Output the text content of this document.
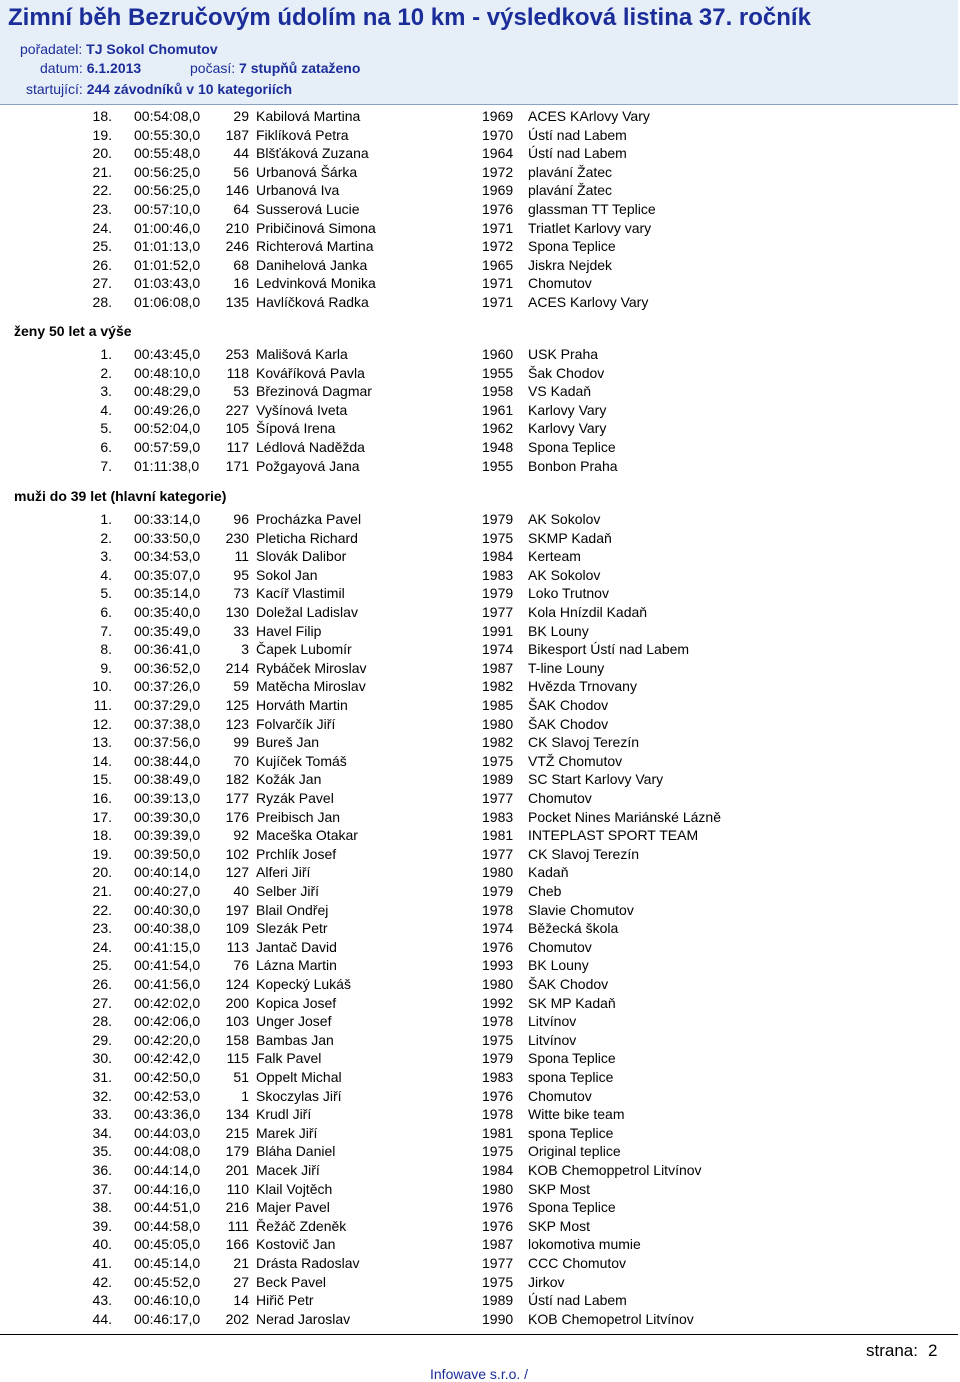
Zimní běh Bezručovým údolím na 10 km - výsledková listina 37. ročník
pořadatel: TJ Sokol Chomutov
datum: 6.1.2013	počasí: 7 stupňů zataženo
startující: 244 závodníků v 10 kategoriích
18. 00:54:08,0	29 Kabilová Martina	1969 ACES KArlovy Vary
19. 00:55:30,0	187 Fiklíková Petra	1970 Ústí nad Labem
20. 00:55:48,0	44 Blšťáková Zuzana	1964 Ústí nad Labem
21. 00:56:25,0	56 Urbanová Šárka	1972 plavání Žatec
22. 00:56:25,0	146 Urbanová Iva	1969 plavání Žatec
23. 00:57:10,0	64 Susserová Lucie	1976 glassman TT Teplice
24. 01:00:46,0	210 Pribičinová Simona	1971 Triatlet Karlovy vary
25. 01:01:13,0	246 Richterová Martina	1972 Spona Teplice
26. 01:01:52,0	68 Danihelová Janka	1965 Jiskra Nejdek
27. 01:03:43,0	16 Ledvinková Monika	1971 Chomutov
28. 01:06:08,0	135 Havlíčková Radka	1971 ACES Karlovy Vary
ženy 50 let a výše
1. 00:43:45,0	253 Mališová Karla	1960 USK Praha
2. 00:48:10,0	118 Kováříková Pavla	1955 Šak Chodov
3. 00:48:29,0	53 Březinová Dagmar	1958 VS Kadaň
4. 00:49:26,0	227 Vyšínová Iveta	1961 Karlovy Vary
5. 00:52:04,0	105 Šípová Irena	1962 Karlovy Vary
6. 00:57:59,0	117 Lédlová Naděžda	1948 Spona Teplice
7. 01:11:38,0	171 Požgayová Jana	1955 Bonbon Praha
muži do 39 let (hlavní kategorie)
1. 00:33:14,0	96 Procházka Pavel	1979 AK Sokolov
2. 00:33:50,0	230 Pleticha Richard	1975 SKMP Kadaň
3. 00:34:53,0	11 Slovák Dalibor	1984 Kerteam
4. 00:35:07,0	95 Sokol Jan	1983 AK Sokolov
5. 00:35:14,0	73 Kacíř Vlastimil	1979 Loko Trutnov
6. 00:35:40,0	130 Doležal Ladislav	1977 Kola Hnízdil Kadaň
7. 00:35:49,0	33 Havel Filip	1991 BK Louny
8. 00:36:41,0	3 Čapek Lubomír	1974 Bikesport Ústí nad Labem
9. 00:36:52,0	214 Rybáček Miroslav	1987 T-line Louny
10. 00:37:26,0	59 Matěcha Miroslav	1982 Hvězda Trnovany
11. 00:37:29,0	125 Horváth Martin	1985 ŠAK Chodov
12. 00:37:38,0	123 Folvarčík Jiří	1980 ŠAK Chodov
13. 00:37:56,0	99 Bureš Jan	1982 CK Slavoj Terezín
14. 00:38:44,0	70 Kujíček Tomáš	1975 VTŽ Chomutov
15. 00:38:49,0	182 Kožák Jan	1989 SC Start Karlovy Vary
16. 00:39:13,0	177 Ryzák Pavel	1977 Chomutov
17. 00:39:30,0	176 Preibisch Jan	1983 Pocket Nines Mariánské Lázně
18. 00:39:39,0	92 Maceška Otakar	1981 INTEPLAST SPORT TEAM
19. 00:39:50,0	102 Prchlík Josef	1977 CK Slavoj Terezín
20. 00:40:14,0	127 Alferi Jiří	1980 Kadaň
21. 00:40:27,0	40 Selber Jiří	1979 Cheb
22. 00:40:30,0	197 Blail Ondřej	1978 Slavie Chomutov
23. 00:40:38,0	109 Slezák Petr	1974 Běžecká škola
24. 00:41:15,0	113 Jantač David	1976 Chomutov
25. 00:41:54,0	76 Lázna Martin	1993 BK Louny
26. 00:41:56,0	124 Kopecký Lukáš	1980 ŠAK Chodov
27. 00:42:02,0	200 Kopica Josef	1992 SK MP Kadaň
28. 00:42:06,0	103 Unger Josef	1978 Litvínov
29. 00:42:20,0	158 Bambas Jan	1975 Litvínov
30. 00:42:42,0	115 Falk Pavel	1979 Spona Teplice
31. 00:42:50,0	51 Oppelt Michal	1983 spona Teplice
32. 00:42:53,0	1 Skoczylas Jiří	1976 Chomutov
33. 00:43:36,0	134 Krudl Jiří	1978 Witte bike team
34. 00:44:03,0	215 Marek Jiří	1981 spona Teplice
35. 00:44:08,0	179 Bláha Daniel	1975 Original teplice
36. 00:44:14,0	201 Macek Jiří	1984 KOB Chemoppetrol Litvínov
37. 00:44:16,0	110 Klail Vojtěch	1980 SKP Most
38. 00:44:51,0	216 Majer Pavel	1976 Spona Teplice
39. 00:44:58,0	111 Řežáč Zdeněk	1976 SKP Most
40. 00:45:05,0	166 Kostovič Jan	1987 lokomotiva mumie
41. 00:45:14,0	21 Drásta Radoslav	1977 CCC Chomutov
42. 00:45:52,0	27 Beck Pavel	1975 Jirkov
43. 00:46:10,0	14 Hiřič Petr	1989 Ústí nad Labem
44. 00:46:17,0	202 Nerad Jaroslav	1990 KOB Chemopetrol Litvínov
strana: 2
Infowave s.r.o. /
